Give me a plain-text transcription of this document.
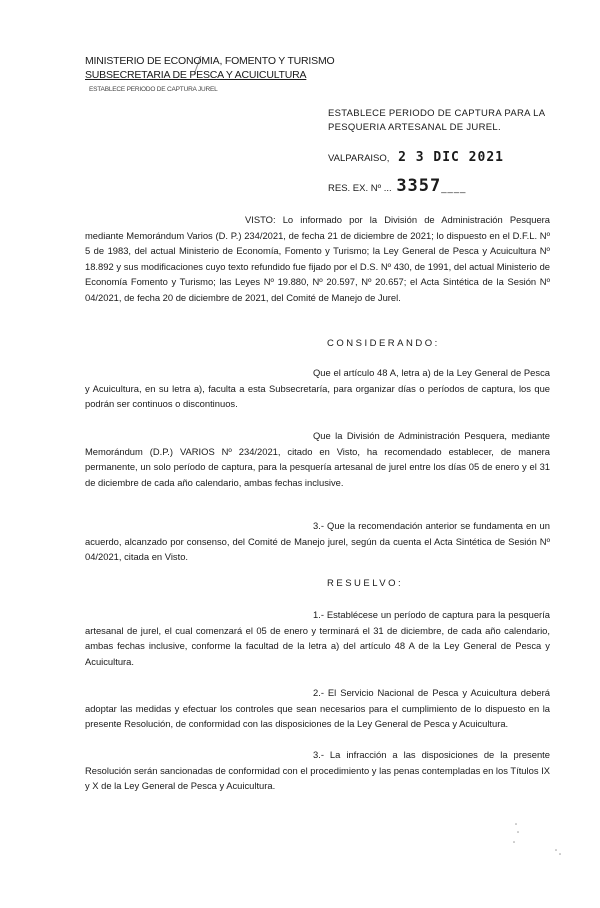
MINISTERIO DE ECONOMIA, FOMENTO Y TURISMO
SUBSECRETARIA DE PESCA Y ACUICULTURA
ESTABLECE PERIODO DE CAPTURA JUREL
ESTABLECE PERIODO DE CAPTURA PARA LA PESQUERIA ARTESANAL DE JUREL.
VALPARAISO, 2 3 DIC 2021
RES. EX. Nº ... 3357____
VISTO: Lo informado por la División de Administración Pesquera mediante Memorándum Varios (D. P.) 234/2021, de fecha 21 de diciembre de 2021; lo dispuesto en el D.F.L. Nº 5 de 1983, del actual Ministerio de Economía, Fomento y Turismo; la Ley General de Pesca y Acuicultura Nº 18.892 y sus modificaciones cuyo texto refundido fue fijado por el D.S. Nº 430, de 1991, del actual Ministerio de Economía Fomento y Turismo; las Leyes Nº 19.880, Nº 20.597, Nº 20.657; el Acta Sintética de la Sesión Nº 04/2021, de fecha 20 de diciembre de 2021, del Comité de Manejo de Jurel.
CONSIDERANDO:
Que el artículo 48 A, letra a) de la Ley General de Pesca y Acuicultura, en su letra a), faculta a esta Subsecretaría, para organizar días o períodos de captura, los que podrán ser continuos o discontinuos.
Que la División de Administración Pesquera, mediante Memorándum (D.P.) VARIOS Nº 234/2021, citado en Visto, ha recomendado establecer, de manera permanente, un solo período de captura, para la pesquería artesanal de jurel entre los días 05 de enero y el 31 de diciembre de cada año calendario, ambas fechas inclusive.
3.- Que la recomendación anterior se fundamenta en un acuerdo, alcanzado por consenso, del Comité de Manejo jurel, según da cuenta el Acta Sintética de Sesión Nº 04/2021, citada en Visto.
RESUELVO:
1.- Establécese un período de captura para la pesquería artesanal de jurel, el cual comenzará el 05 de enero y terminará el 31 de diciembre, de cada año calendario, ambas fechas inclusive, conforme la facultad de la letra a) del artículo 48 A de la Ley General de Pesca y Acuicultura.
2.- El Servicio Nacional de Pesca y Acuicultura deberá adoptar las medidas y efectuar los controles que sean necesarios para el cumplimiento de lo dispuesto en la presente Resolución, de conformidad con las disposiciones de la Ley General de Pesca y Acuicultura.
3.- La infracción a las disposiciones de la presente Resolución serán sancionadas de conformidad con el procedimiento y las penas contempladas en los Títulos IX y X de la Ley General de Pesca y Acuicultura.
